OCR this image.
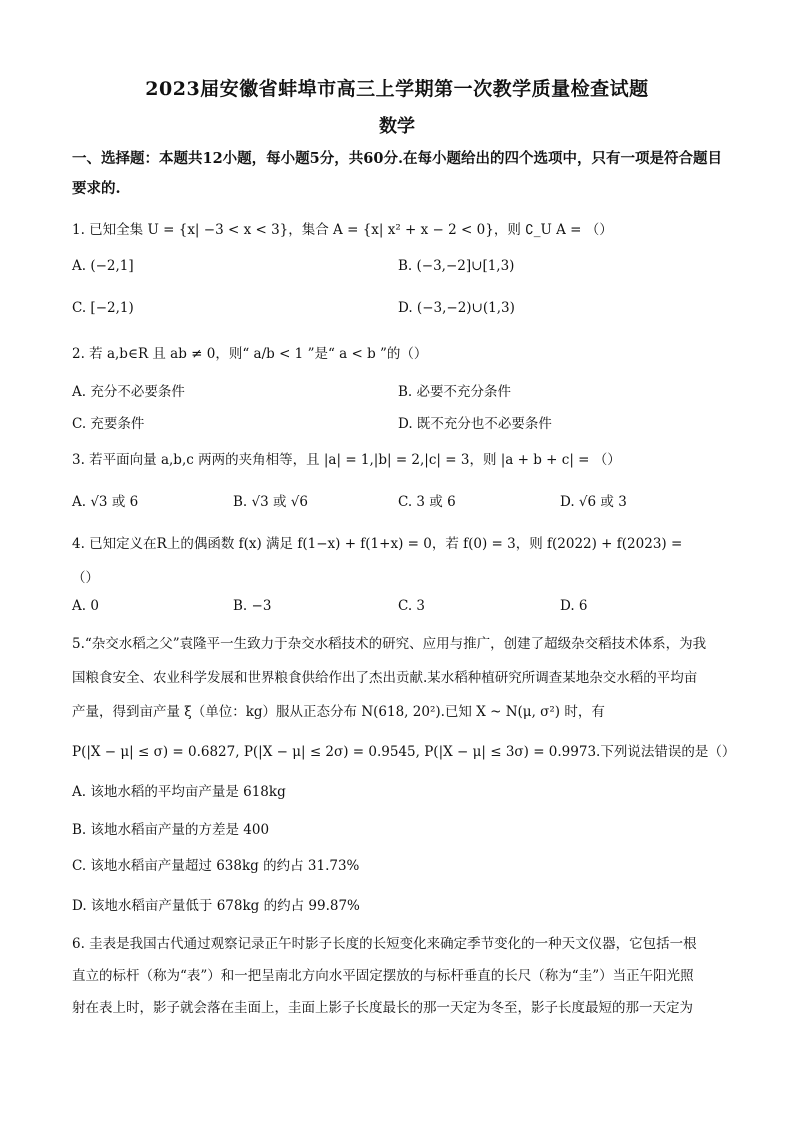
2023届安徽省蚌埠市高三上学期第一次教学质量检查试题
数学
一、选择题：本题共12小题，每小题5分，共60分.在每小题给出的四个选项中，只有一项是符合题目要求的.
1. 已知全集 U = {x| −3 < x < 3}，集合 A = {x| x² + x − 2 < 0}，则 ∁_U A = （）
A. (−2,1]	B. (−3,−2]∪[1,3)
C. [−2,1)	D. (−3,−2)∪(1,3)
2. 若 a,b∈R 且 ab ≠ 0，则“ a/b < 1 ”是“ a < b ”的（）
A. 充分不必要条件	B. 必要不充分条件
C. 充要条件	D. 既不充分也不必要条件
3. 若平面向量 a,b,c 两两的夹角相等，且 |a| = 1,|b| = 2,|c| = 3，则 |a + b + c| = （）
A. √3 或 6	B. √3 或 √6	C. 3 或 6	D. √6 或 3
4. 已知定义在R上的偶函数 f(x) 满足 f(1−x) + f(1+x) = 0，若 f(0) = 3，则 f(2022) + f(2023) =
（）
A. 0	B. −3	C. 3	D. 6
5.“杂交水稻之父”袁隆平一生致力于杂交水稻技术的研究、应用与推广，创建了超级杂交稻技术体系，为我
国粮食安全、农业科学发展和世界粮食供给作出了杰出贡献.某水稻种植研究所调查某地杂交水稻的平均亩
产量，得到亩产量 ξ（单位：kg）服从正态分布 N(618, 20²).已知 X ~ N(μ, σ²) 时，有
P(|X − μ| ≤ σ) = 0.6827, P(|X − μ| ≤ 2σ) = 0.9545, P(|X − μ| ≤ 3σ) = 0.9973.下列说法错误的是（）
A. 该地水稻的平均亩产量是 618kg
B. 该地水稻亩产量的方差是 400
C. 该地水稻亩产量超过 638kg 的约占 31.73%
D. 该地水稻亩产量低于 678kg 的约占 99.87%
6. 圭表是我国古代通过观察记录正午时影子长度的长短变化来确定季节变化的一种天文仪器，它包括一根
直立的标杆（称为“表”）和一把呈南北方向水平固定摆放的与标杆垂直的长尺（称为“圭”）当正午阳光照
射在表上时，影子就会落在圭面上，圭面上影子长度最长的那一天定为冬至，影子长度最短的那一天定为
